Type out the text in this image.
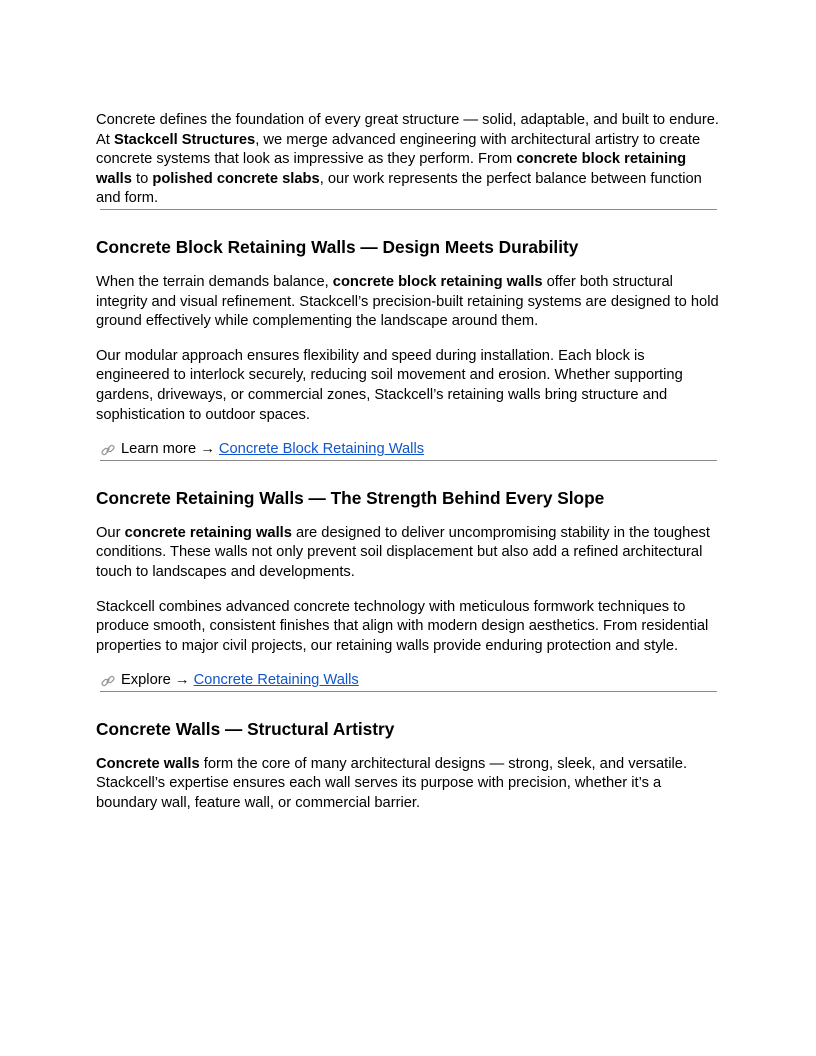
Concrete defines the foundation of every great structure — solid, adaptable, and built to endure. At Stackcell Structures, we merge advanced engineering with architectural artistry to create concrete systems that look as impressive as they perform. From concrete block retaining walls to polished concrete slabs, our work represents the perfect balance between function and form.

Concrete Block Retaining Walls — Design Meets Durability

When the terrain demands balance, concrete block retaining walls offer both structural integrity and visual refinement. Stackcell’s precision-built retaining systems are designed to hold ground effectively while complementing the landscape around them.

Our modular approach ensures flexibility and speed during installation. Each block is engineered to interlock securely, reducing soil movement and erosion. Whether supporting gardens, driveways, or commercial zones, Stackcell’s retaining walls bring structure and sophistication to outdoor spaces.

Learn more → Concrete Block Retaining Walls
Concrete Retaining Walls — The Strength Behind Every Slope

Our concrete retaining walls are designed to deliver uncompromising stability in the toughest conditions. These walls not only prevent soil displacement but also add a refined architectural touch to landscapes and developments.

Stackcell combines advanced concrete technology with meticulous formwork techniques to produce smooth, consistent finishes that align with modern design aesthetics. From residential properties to major civil projects, our retaining walls provide enduring protection and style.

Explore → Concrete Retaining Walls
Concrete Walls — Structural Artistry

Concrete walls form the core of many architectural designs — strong, sleek, and versatile. Stackcell’s expertise ensures each wall serves its purpose with precision, whether it’s a boundary wall, feature wall, or commercial barrier.
